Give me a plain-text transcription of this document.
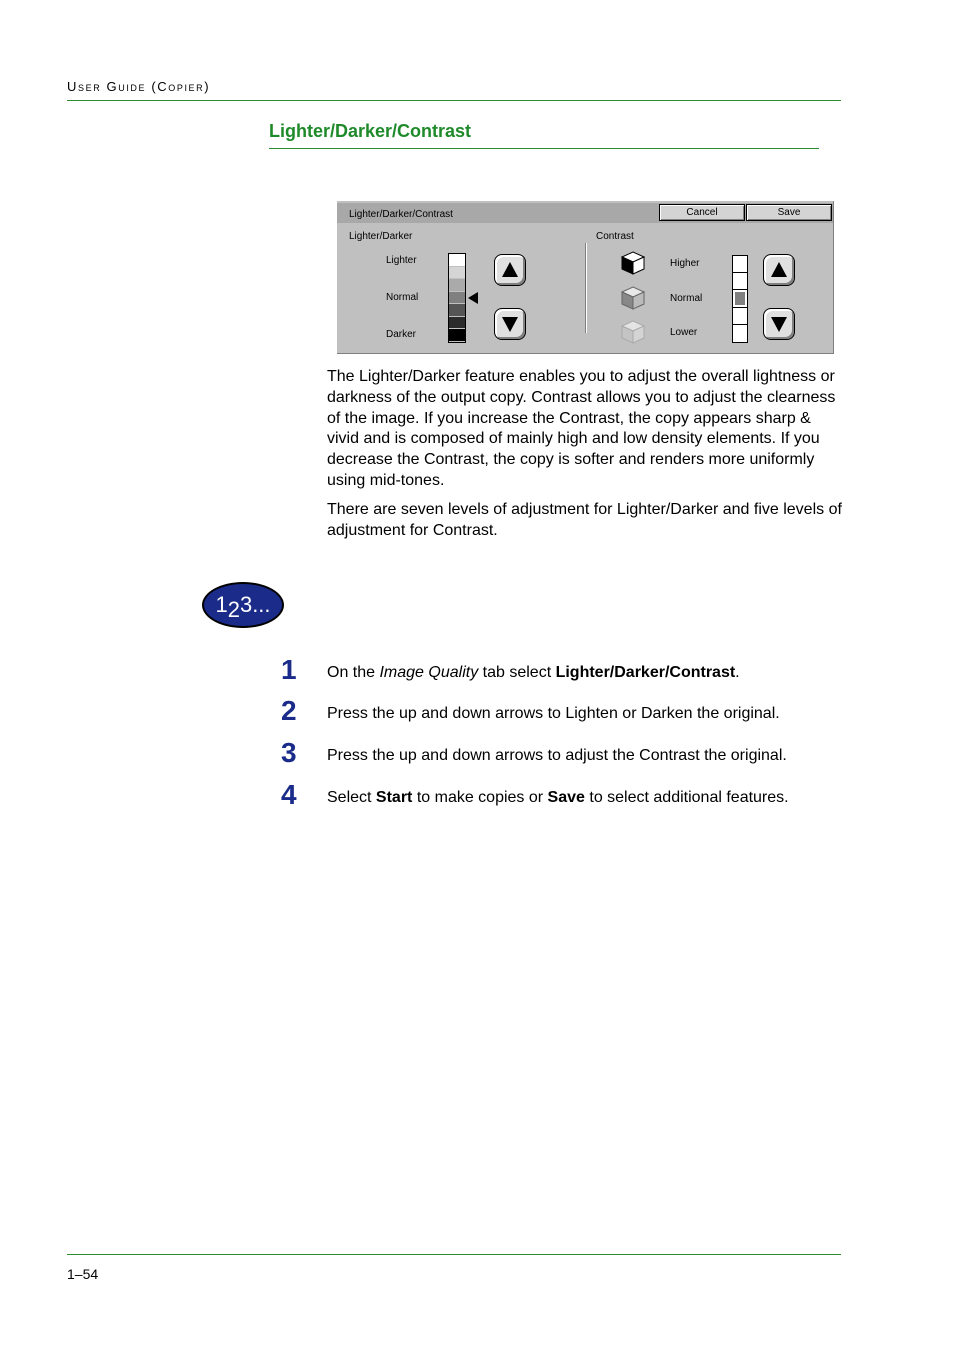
User Guide (Copier)
Lighter/Darker/Contrast
Lighter/Darker/Contrast	Cancel	Save
Lighter/Darker
Lighter
Normal
Darker
Contrast
Higher
Normal
Lower
The Lighter/Darker feature enables you to adjust the overall lightness or darkness of the output copy. Contrast allows you to adjust the clearness of the image. If you increase the Contrast, the copy appears sharp & vivid and is composed of mainly high and low density elements. If you decrease the Contrast, the copy is softer and renders more uniformly using mid-tones.
There are seven levels of adjustment for Lighter/Darker and five levels of adjustment for Contrast.
1 2 3...
1 On the Image Quality tab select Lighter/Darker/Contrast.
2 Press the up and down arrows to Lighten or Darken the original.
3 Press the up and down arrows to adjust the Contrast the original.
4 Select Start to make copies or Save to select additional features.
1–54
